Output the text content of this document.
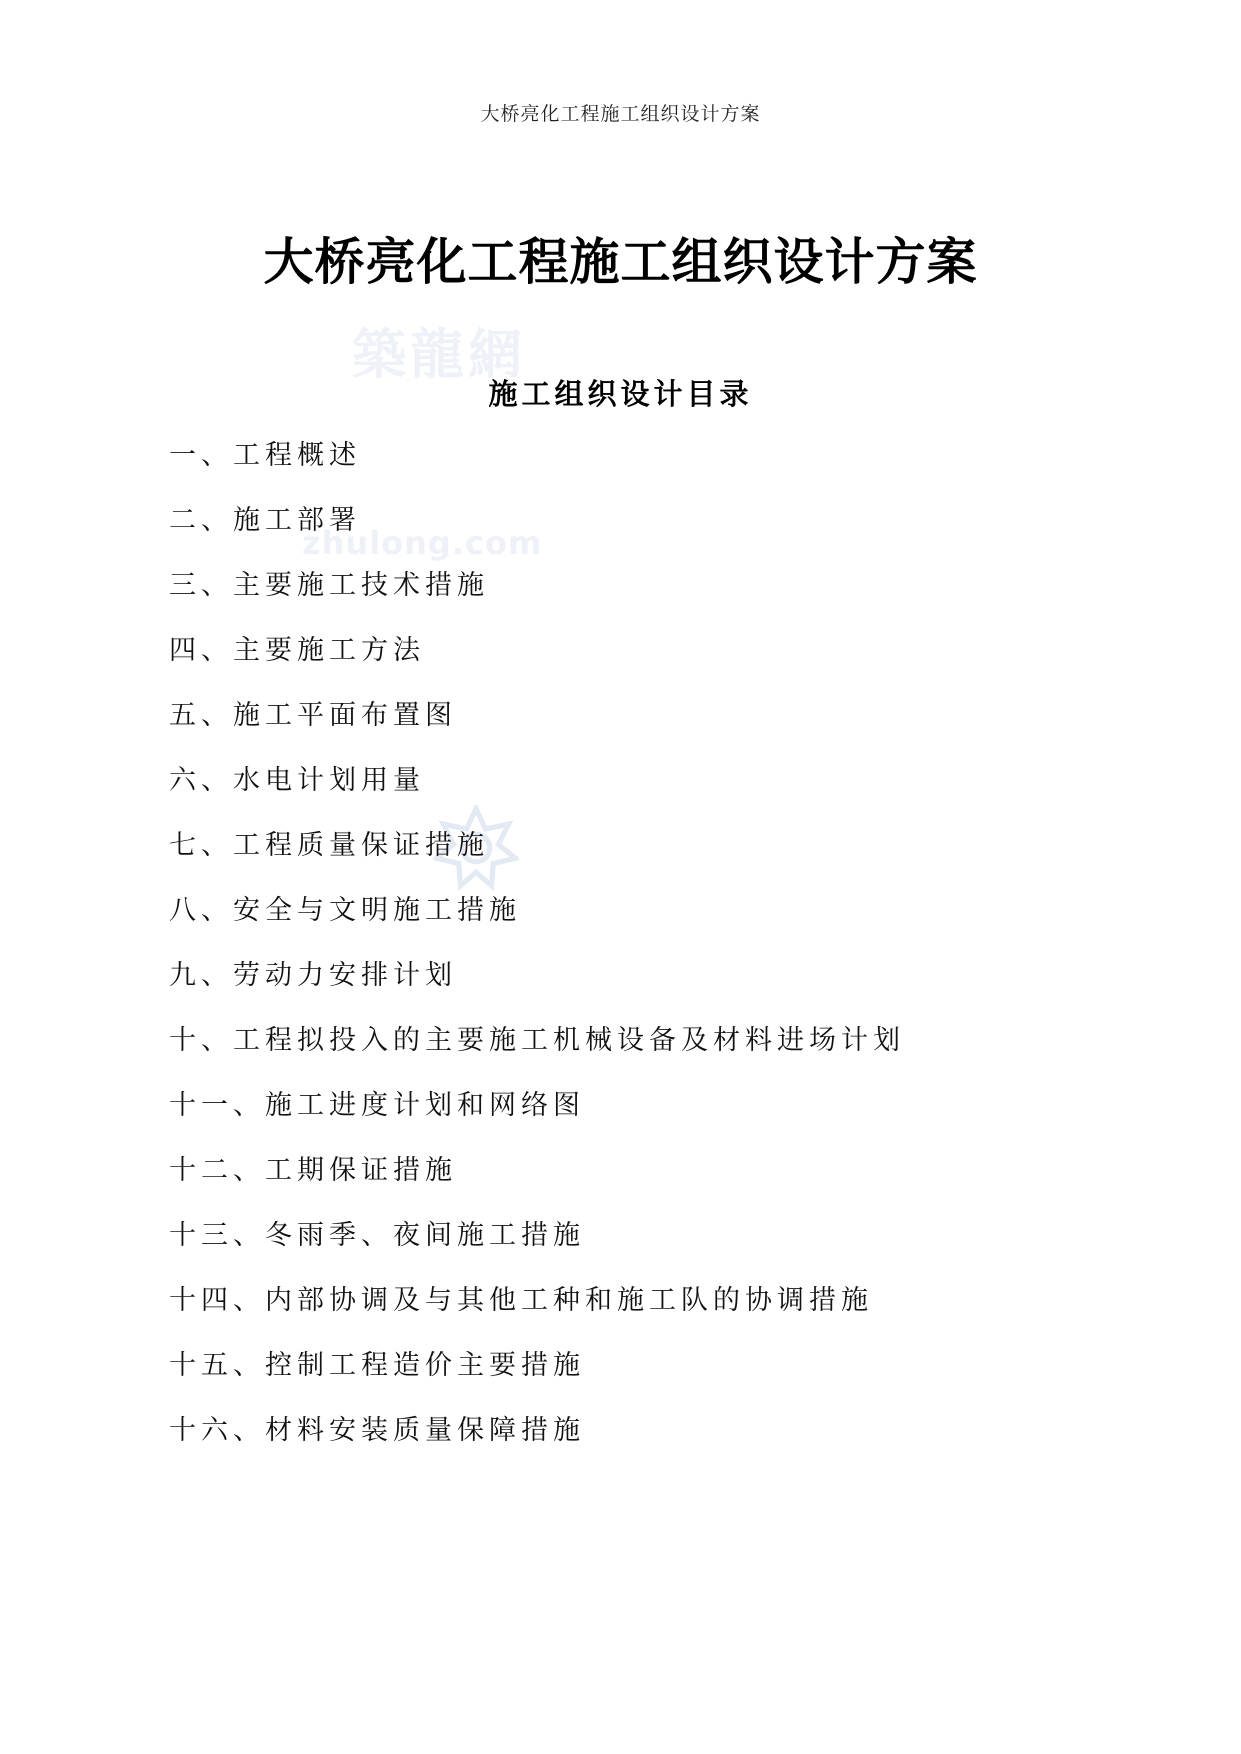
大桥亮化工程施工组织设计方案
大桥亮化工程施工组织设计方案
築龍網
zhulong.com
施工组织设计目录
一、工程概述
二、施工部署
三、主要施工技术措施
四、主要施工方法
五、施工平面布置图
六、水电计划用量
七、工程质量保证措施
八、安全与文明施工措施
九、劳动力安排计划
十、工程拟投入的主要施工机械设备及材料进场计划
十一、施工进度计划和网络图
十二、工期保证措施
十三、冬雨季、夜间施工措施
十四、内部协调及与其他工种和施工队的协调措施
十五、控制工程造价主要措施
十六、材料安装质量保障措施
